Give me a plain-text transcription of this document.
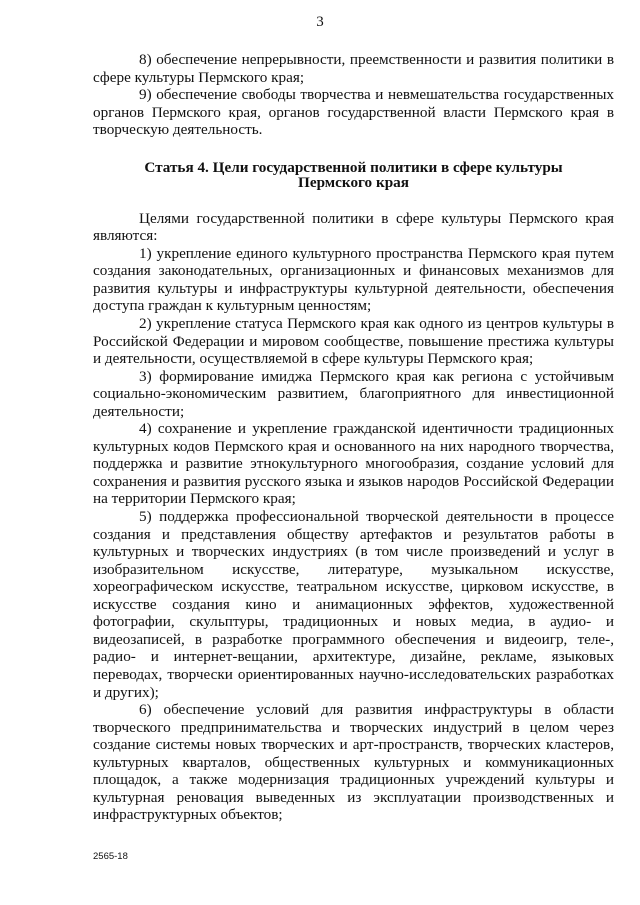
3

8) обеспечение непрерывности, преемственности и развития политики в сфере культуры Пермского края;

9) обеспечение свободы творчества и невмешательства государственных органов Пермского края, органов государственной власти Пермского края в творческую деятельность.

Статья 4. Цели государственной политики в сфере культуры
Пермского края

Целями государственной политики в сфере культуры Пермского края являются:

1) укрепление единого культурного пространства Пермского края путем создания законодательных, организационных и финансовых механизмов для развития культуры и инфраструктуры культурной деятельности, обеспечения доступа граждан к культурным ценностям;

2) укрепление статуса Пермского края как одного из центров культуры в Российской Федерации и мировом сообществе, повышение престижа культуры и деятельности, осуществляемой в сфере культуры Пермского края;

3) формирование имиджа Пермского края как региона с устойчивым социально-экономическим развитием, благоприятного для инвестиционной деятельности;

4) сохранение и укрепление гражданской идентичности традиционных культурных кодов Пермского края и основанного на них народного творчества, поддержка и развитие этнокультурного многообразия, создание условий для сохранения и развития русского языка и языков народов Российской Федерации на территории Пермского края;

5) поддержка профессиональной творческой деятельности в процессе создания и представления обществу артефактов и результатов работы в культурных и творческих индустриях (в том числе произведений и услуг в изобразительном искусстве, литературе, музыкальном искусстве, хореографическом искусстве, театральном искусстве, цирковом искусстве, в искусстве создания кино и анимационных эффектов, художественной фотографии, скульптуры, традиционных и новых медиа, в аудио- и видеозаписей, в разработке программного обеспечения и видеоигр, теле-, радио- и интернет-вещании, архитектуре, дизайне, рекламе, языковых переводах, творчески ориентированных научно-исследовательских разработках и других);

6) обеспечение условий для развития инфраструктуры в области творческого предпринимательства и творческих индустрий в целом через создание системы новых творческих и арт-пространств, творческих кластеров, культурных кварталов, общественных культурных и коммуникационных площадок, а также модернизация традиционных учреждений культуры и культурная реновация выведенных из эксплуатации производственных и инфраструктурных объектов;

2565-18
